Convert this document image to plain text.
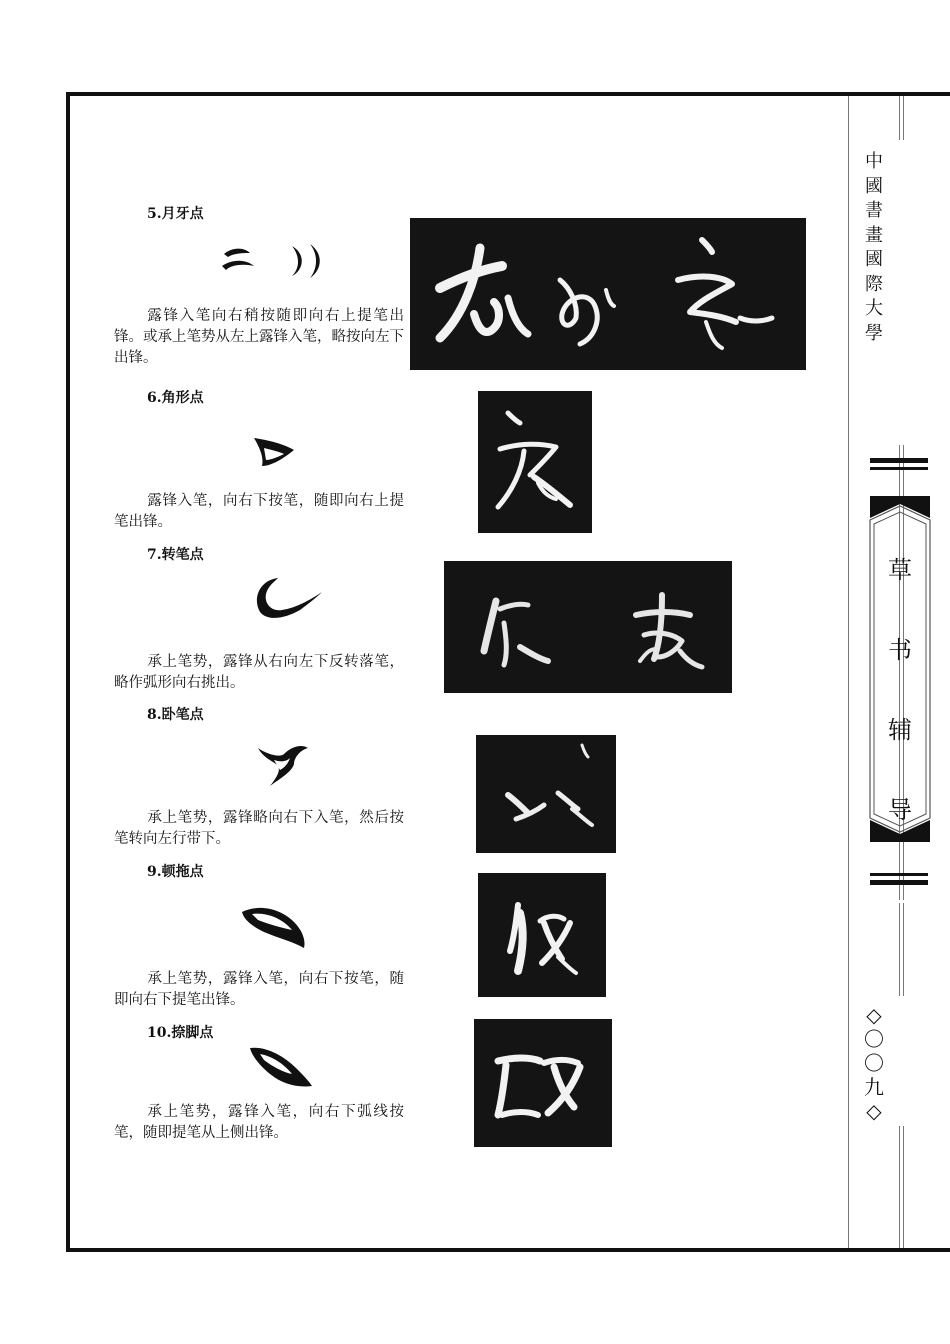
中
國
書
畫
國
際
大
學
草
书
辅
导
◇
〇
〇
九
◇
5.月牙点
露锋入笔向右稍按随即向右上提笔出锋。或承上笔势从左上露锋入笔，略按向左下出锋。
6.角形点
露锋入笔，向右下按笔，随即向右上提笔出锋。
7.转笔点
承上笔势，露锋从右向左下反转落笔，略作弧形向右挑出。
8.卧笔点
承上笔势，露锋略向右下入笔，然后按笔转向左行带下。
9.顿拖点
承上笔势，露锋入笔，向右下按笔，随即向右下提笔出锋。
10.捺脚点
承上笔势，露锋入笔，向右下弧线按笔，随即提笔从上侧出锋。
